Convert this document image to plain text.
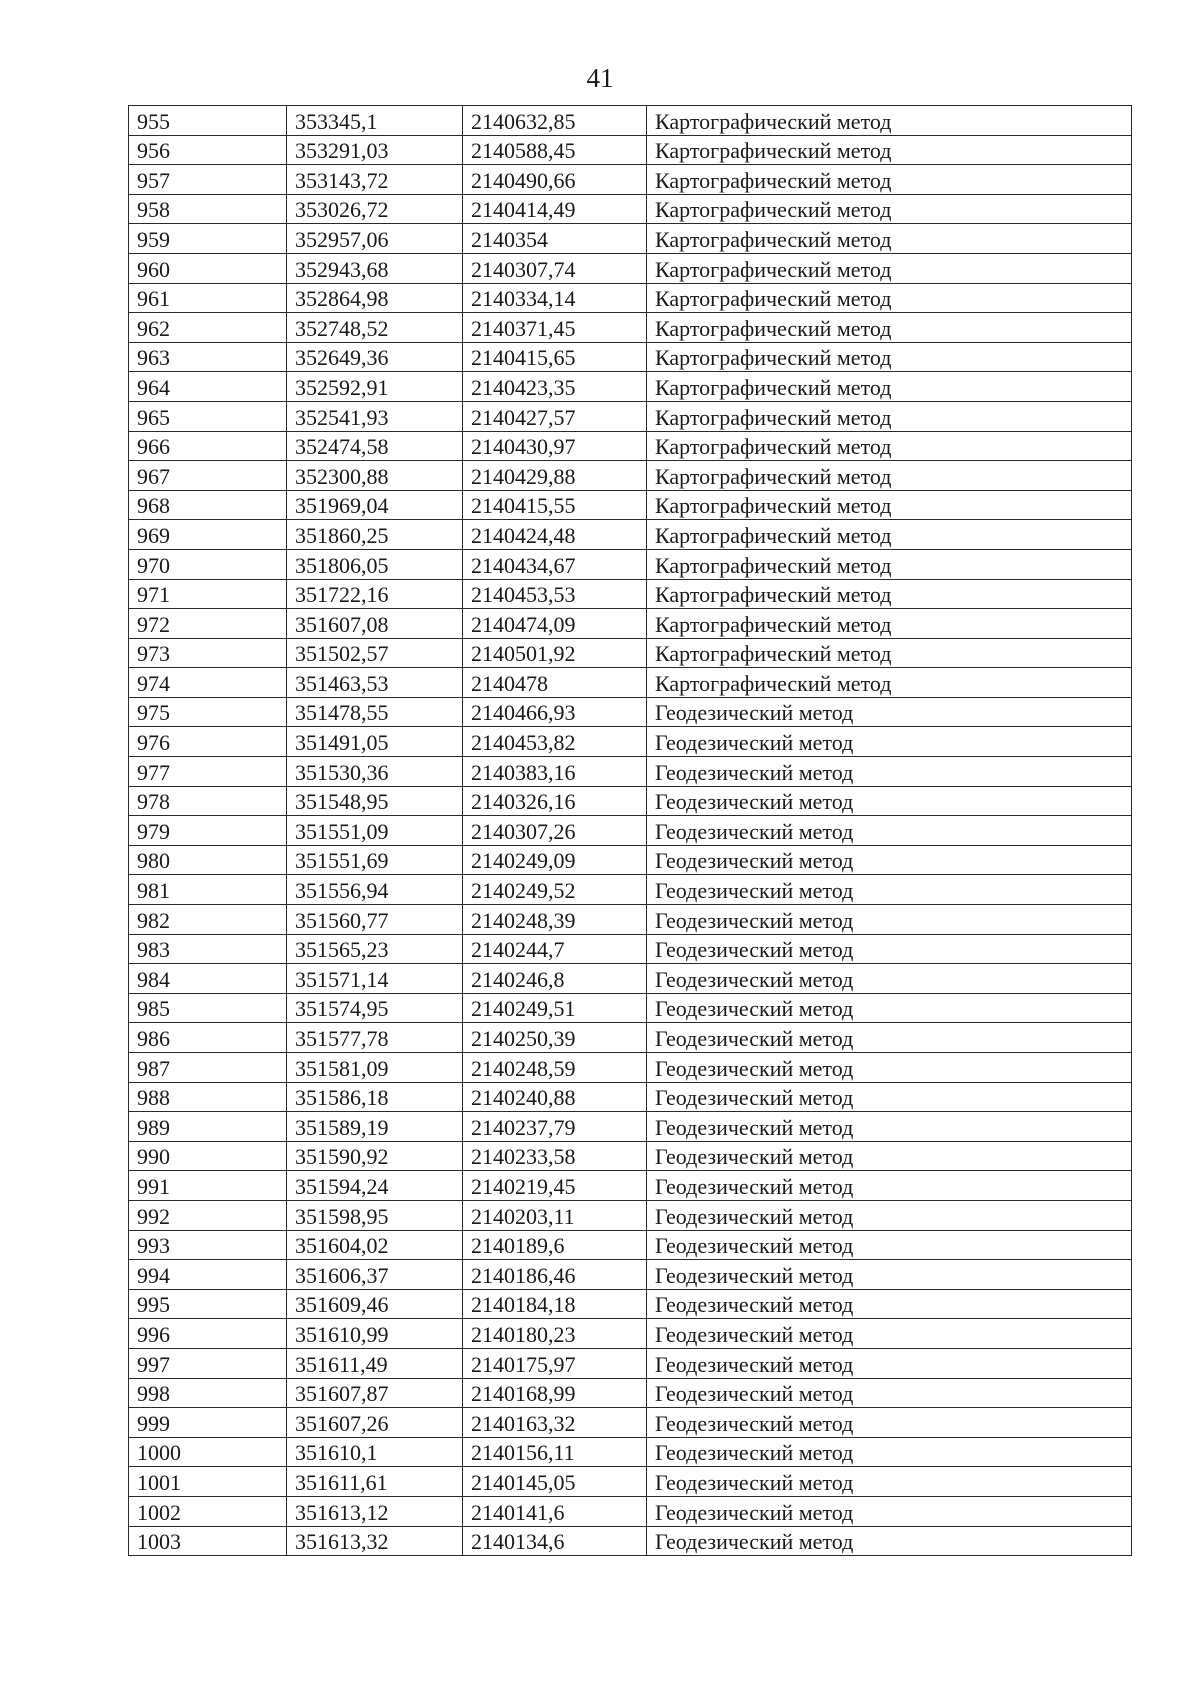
41
955	353345,1	2140632,85	Картографический метод
956	353291,03	2140588,45	Картографический метод
957	353143,72	2140490,66	Картографический метод
958	353026,72	2140414,49	Картографический метод
959	352957,06	2140354	Картографический метод
960	352943,68	2140307,74	Картографический метод
961	352864,98	2140334,14	Картографический метод
962	352748,52	2140371,45	Картографический метод
963	352649,36	2140415,65	Картографический метод
964	352592,91	2140423,35	Картографический метод
965	352541,93	2140427,57	Картографический метод
966	352474,58	2140430,97	Картографический метод
967	352300,88	2140429,88	Картографический метод
968	351969,04	2140415,55	Картографический метод
969	351860,25	2140424,48	Картографический метод
970	351806,05	2140434,67	Картографический метод
971	351722,16	2140453,53	Картографический метод
972	351607,08	2140474,09	Картографический метод
973	351502,57	2140501,92	Картографический метод
974	351463,53	2140478	Картографический метод
975	351478,55	2140466,93	Геодезический метод
976	351491,05	2140453,82	Геодезический метод
977	351530,36	2140383,16	Геодезический метод
978	351548,95	2140326,16	Геодезический метод
979	351551,09	2140307,26	Геодезический метод
980	351551,69	2140249,09	Геодезический метод
981	351556,94	2140249,52	Геодезический метод
982	351560,77	2140248,39	Геодезический метод
983	351565,23	2140244,7	Геодезический метод
984	351571,14	2140246,8	Геодезический метод
985	351574,95	2140249,51	Геодезический метод
986	351577,78	2140250,39	Геодезический метод
987	351581,09	2140248,59	Геодезический метод
988	351586,18	2140240,88	Геодезический метод
989	351589,19	2140237,79	Геодезический метод
990	351590,92	2140233,58	Геодезический метод
991	351594,24	2140219,45	Геодезический метод
992	351598,95	2140203,11	Геодезический метод
993	351604,02	2140189,6	Геодезический метод
994	351606,37	2140186,46	Геодезический метод
995	351609,46	2140184,18	Геодезический метод
996	351610,99	2140180,23	Геодезический метод
997	351611,49	2140175,97	Геодезический метод
998	351607,87	2140168,99	Геодезический метод
999	351607,26	2140163,32	Геодезический метод
1000	351610,1	2140156,11	Геодезический метод
1001	351611,61	2140145,05	Геодезический метод
1002	351613,12	2140141,6	Геодезический метод
1003	351613,32	2140134,6	Геодезический метод
